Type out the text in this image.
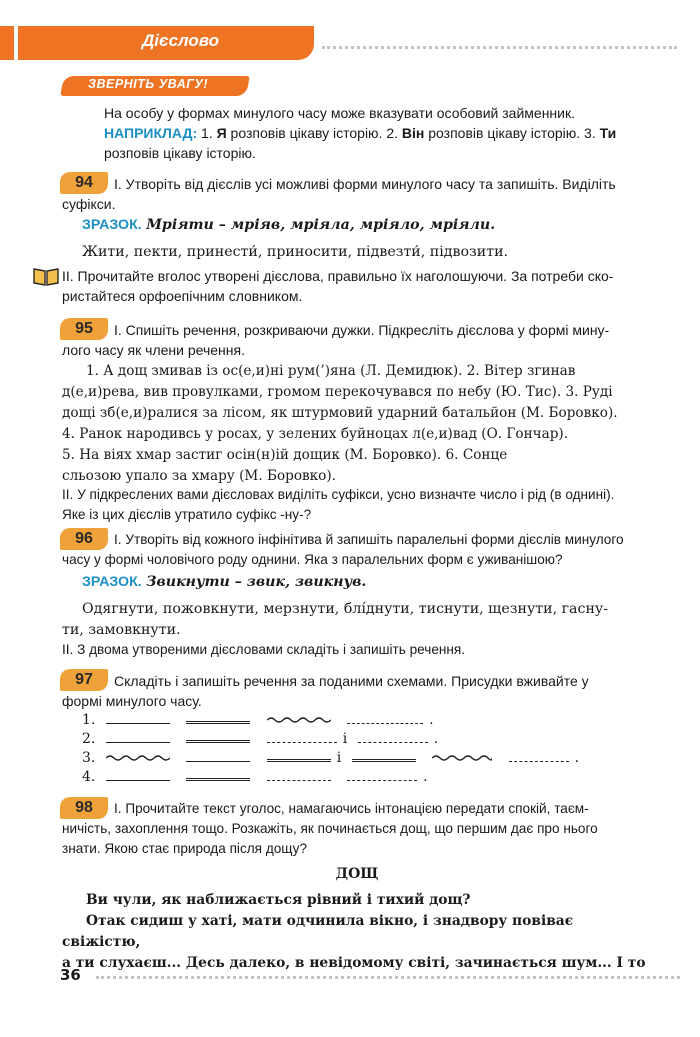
Дієслово
ЗВЕРНІТЬ УВАГУ!
На особу у формах минулого часу може вказувати особовий займенник.
НАПРИКЛАД: 1. Я розповів цікаву історію. 2. Він розповів цікаву історію. 3. Ти
розповів цікаву історію.
94	I. Утворіть від дієслів усі можливі форми минулого часу та запишіть. Виділіть
суфікси.
ЗРАЗОК. Мріяти – мріяв, мріяла, мріяло, мріяли.
Жити, пекти, принести́, приносити, підвезти́, підвозити.
II. Прочитайте вголос утворені дієслова, правильно їх наголошуючи. За потреби ско-
ристайтеся орфоепічним словником.
95	I. Спишіть речення, розкриваючи дужки. Підкресліть дієслова у формі мину-
лого часу як члени речення.
1. А дощ змивав із ос(е,и)ні рум(’)яна (Л. Демидюк). 2. Вітер згинав
д(е,и)рева, вив провулками, громом перекочувався по небу (Ю. Тис). 3. Руді
дощі зб(е,и)ралися за лісом, як штурмовий ударний батальйон (М. Боровко).
4. Ранок народивсь у росах, у зелених буйноцах л(е,и)вад (О. Гончар).
5. На віях хмар застиг осін(н)ій дощик (М. Боровко). 6. Сонце
сльозою упало за хмару (М. Боровко).
II. У підкреслених вами дієсловах виділіть суфікси, усно визначте число і рід (в однині).
Яке із цих дієслів утратило суфікс -ну-?
96	I. Утворіть від кожного інфінітива й запишіть паралельні форми дієслів минулого
часу у формі чоловічого роду однини. Яка з паралельних форм є уживанішою?
ЗРАЗОК. Звикнути – звик, звикнув.
Одягнути, пожовкнути, мерзнути, блíднути, тиснути, щезнути, гасну-
ти, замовкнути.
II. З двома утвореними дієсловами складіть і запишіть речення.
97	Складіть і запишіть речення за поданими схемами. Присудки вживайте у
формі минулого часу.
1.	.
2.	і	.
3.	і	.
4.	.
98	I. Прочитайте текст уголос, намагаючись інтонацією передати спокій, таєм-
ничість, захоплення тощо. Розкажіть, як починається дощ, що першим дає про нього
знати. Якою стає природа після дощу?
ДОЩ
Ви чули, як наближається рівний і тихий дощ?
Отак сидиш у хаті, мати одчинила вікно, і знадвору повіває свіжістю,
а ти слухаєш... Десь далеко, в невідомому світі, зачинається шум... І то
36
